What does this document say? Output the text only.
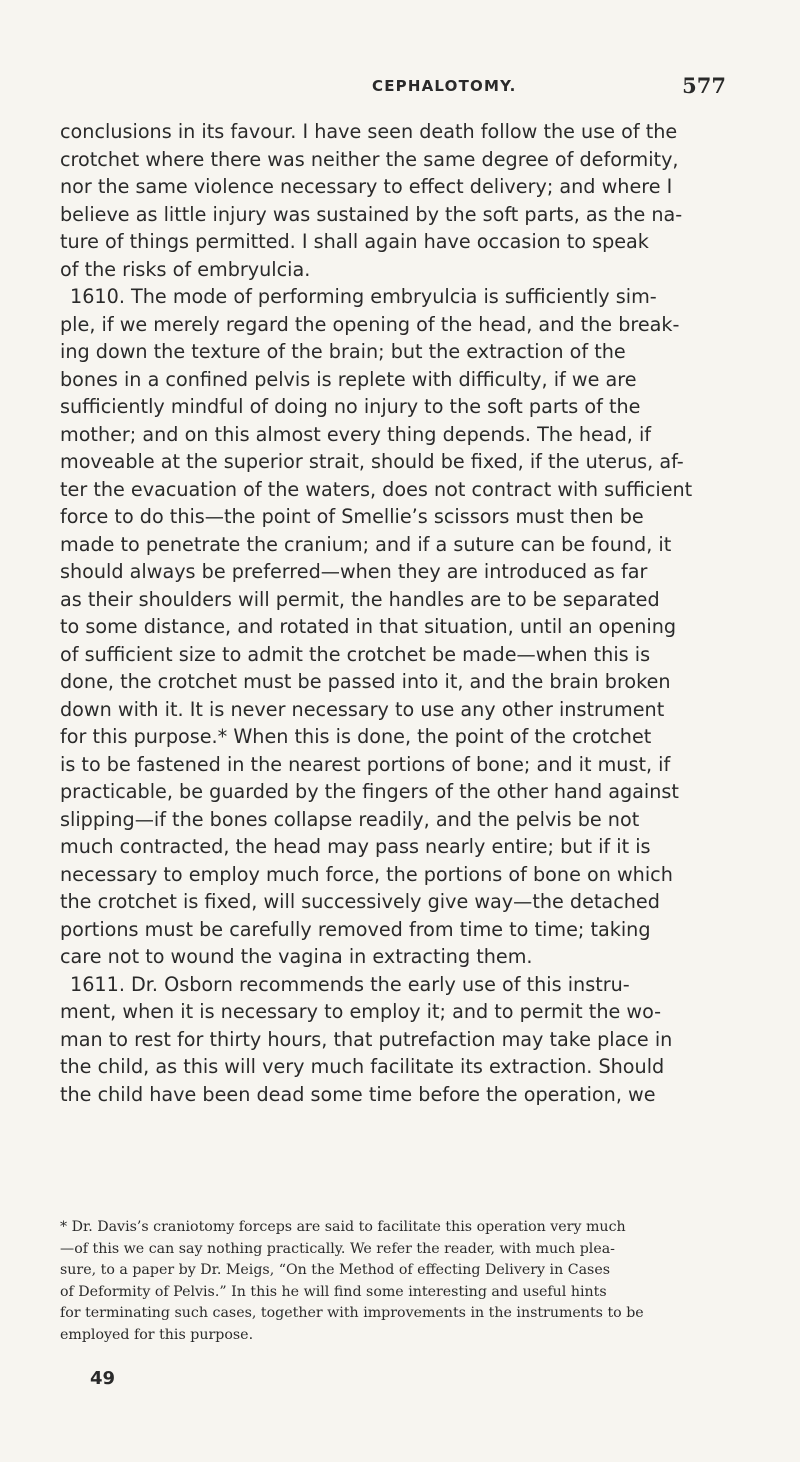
CEPHALOTOMY.	577
conclusions in its favour. I have seen death follow the use of the
crotchet where there was neither the same degree of deformity,
nor the same violence necessary to effect delivery; and where I
believe as little injury was sustained by the soft parts, as the na-
ture of things permitted. I shall again have occasion to speak
of the risks of embryulcia.
1610. The mode of performing embryulcia is sufficiently sim-
ple, if we merely regard the opening of the head, and the break-
ing down the texture of the brain; but the extraction of the
bones in a confined pelvis is replete with difficulty, if we are
sufficiently mindful of doing no injury to the soft parts of the
mother; and on this almost every thing depends. The head, if
moveable at the superior strait, should be fixed, if the uterus, af-
ter the evacuation of the waters, does not contract with sufficient
force to do this—the point of Smellie’s scissors must then be
made to penetrate the cranium; and if a suture can be found, it
should always be preferred—when they are introduced as far
as their shoulders will permit, the handles are to be separated
to some distance, and rotated in that situation, until an opening
of sufficient size to admit the crotchet be made—when this is
done, the crotchet must be passed into it, and the brain broken
down with it. It is never necessary to use any other instrument
for this purpose.* When this is done, the point of the crotchet
is to be fastened in the nearest portions of bone; and it must, if
practicable, be guarded by the fingers of the other hand against
slipping—if the bones collapse readily, and the pelvis be not
much contracted, the head may pass nearly entire; but if it is
necessary to employ much force, the portions of bone on which
the crotchet is fixed, will successively give way—the detached
portions must be carefully removed from time to time; taking
care not to wound the vagina in extracting them.
1611. Dr. Osborn recommends the early use of this instru-
ment, when it is necessary to employ it; and to permit the wo-
man to rest for thirty hours, that putrefaction may take place in
the child, as this will very much facilitate its extraction. Should
the child have been dead some time before the operation, we
* Dr. Davis’s craniotomy forceps are said to facilitate this operation very much
—of this we can say nothing practically. We refer the reader, with much plea-
sure, to a paper by Dr. Meigs, “On the Method of effecting Delivery in Cases
of Deformity of Pelvis.” In this he will find some interesting and useful hints
for terminating such cases, together with improvements in the instruments to be
employed for this purpose.
49
